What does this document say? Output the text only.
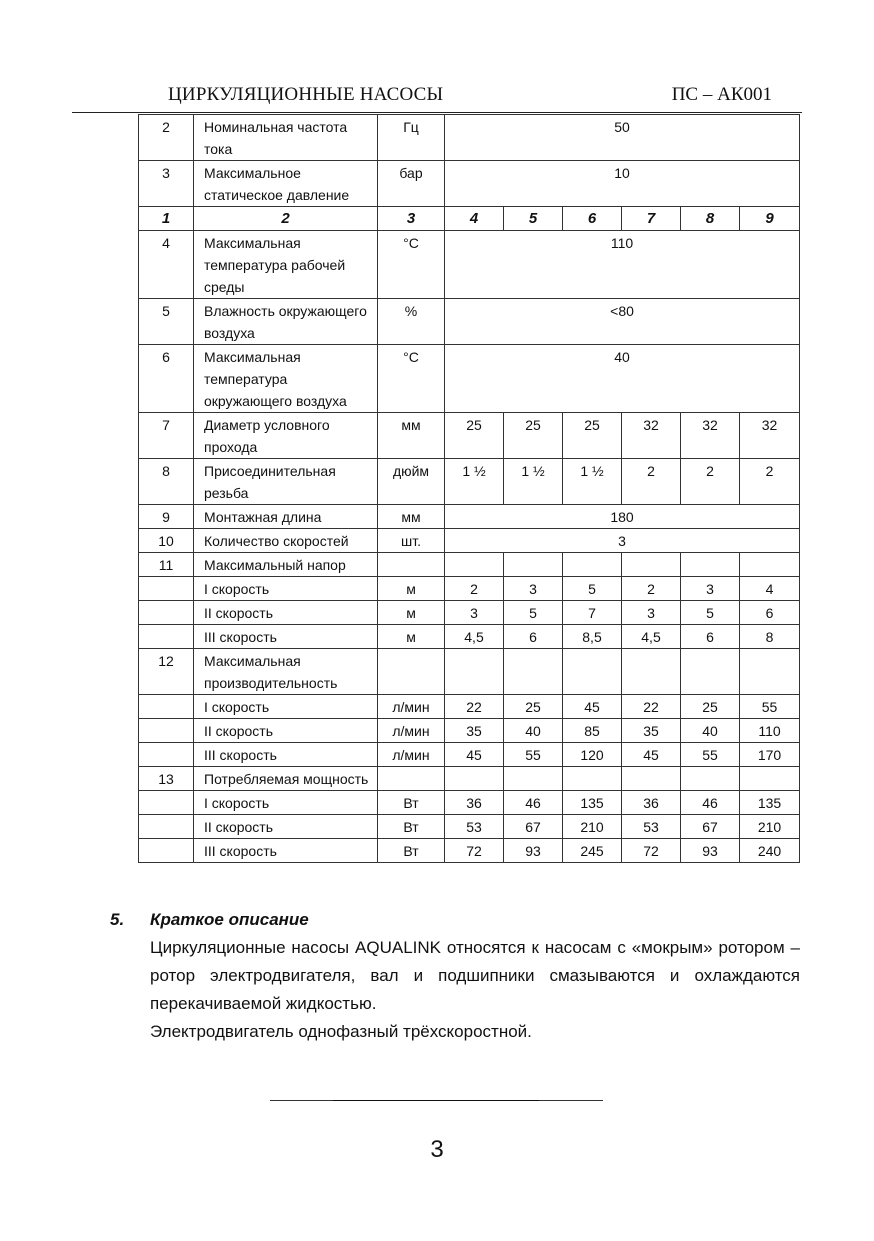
ЦИРКУЛЯЦИОННЫЕ НАСОСЫ	ПС – АК001
2	Номинальная частота тока	Гц	50					
3	Максимальное статическое давление	бар	10					
1	2	3	4	5	6	7	8	9
4	Максимальная температура рабочей среды	°С	110					
5	Влажность окружающего воздуха	%	<80					
6	Максимальная температура окружающего воздуха	°С	40					
7	Диаметр условного прохода	мм	25	25	25	32	32	32
8	Присоединительная резьба	дюйм	1 ½	1 ½	1 ½	2	2	2
9	Монтажная длина	мм	180					
10	Количество скоростей	шт.	3					
11	Максимальный напор							
	I скорость	м	2	3	5	2	3	4
	II скорость	м	3	5	7	3	5	6
	III скорость	м	4,5	6	8,5	4,5	6	8
12	Максимальная производительность							
	I скорость	л/мин	22	25	45	22	25	55
	II скорость	л/мин	35	40	85	35	40	110
	III скорость	л/мин	45	55	120	45	55	170
13	Потребляемая мощность							
	I скорость	Вт	36	46	135	36	46	135
	II скорость	Вт	53	67	210	53	67	210
	III скорость	Вт	72	93	245	72	93	240
5.	Краткое описание
Циркуляционные насосы AQUALINK относятся к насосам с «мокрым» ротором – ротор электродвигателя, вал и подшипники смазываются и охлаждаются перекачиваемой жидкостью.
Электродвигатель однофазный трёхскоростной.
3
